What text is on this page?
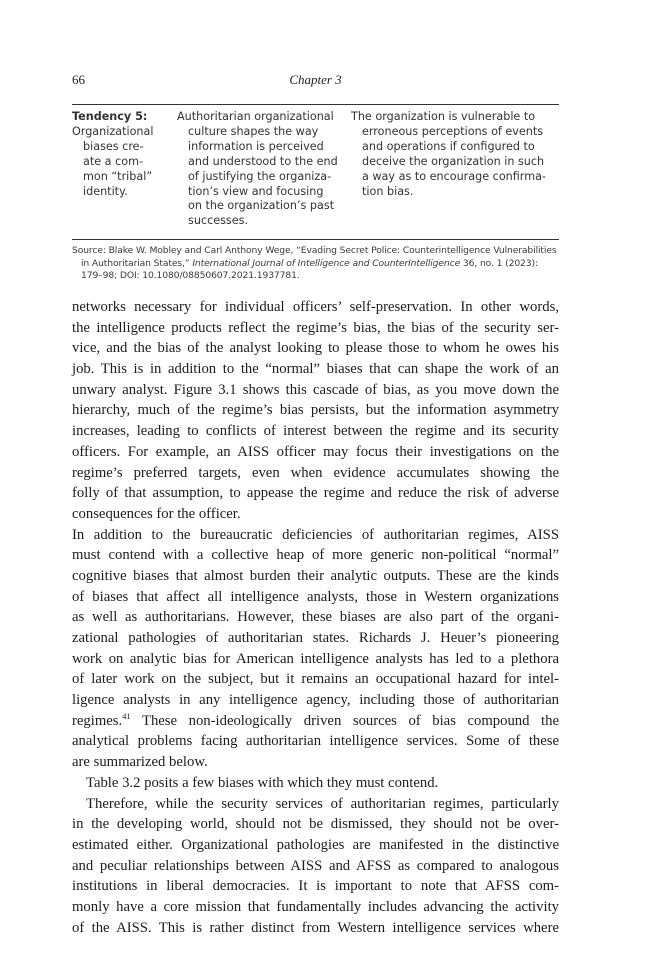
66	Chapter 3
Tendency 5:
Organizational
biases cre-
ate a com-
mon “tribal”
identity.
Authoritarian organizational
culture shapes the way
information is perceived
and understood to the end
of justifying the organiza-
tion’s view and focusing
on the organization’s past
successes.
The organization is vulnerable to
erroneous perceptions of events
and operations if configured to
deceive the organization in such
a way as to encourage confirma-
tion bias.
Source: Blake W. Mobley and Carl Anthony Wege, “Evading Secret Police: Counterintelligence Vulnerabilities
in Authoritarian States,” International Journal of Intelligence and CounterIntelligence 36, no. 1 (2023):
179–98; DOI: 10.1080/08850607.2021.1937781.
networks necessary for individual officers’ self-preservation. In other words,
the intelligence products reflect the regime’s bias, the bias of the security ser-
vice, and the bias of the analyst looking to please those to whom he owes his
job. This is in addition to the “normal” biases that can shape the work of an
unwary analyst. Figure 3.1 shows this cascade of bias, as you move down the
hierarchy, much of the regime’s bias persists, but the information asymmetry
increases, leading to conflicts of interest between the regime and its security
officers. For example, an AISS officer may focus their investigations on the
regime’s preferred targets, even when evidence accumulates showing the
folly of that assumption, to appease the regime and reduce the risk of adverse
consequences for the officer.
In addition to the bureaucratic deficiencies of authoritarian regimes, AISS
must contend with a collective heap of more generic non-political “normal”
cognitive biases that almost burden their analytic outputs. These are the kinds
of biases that affect all intelligence analysts, those in Western organizations
as well as authoritarians. However, these biases are also part of the organi-
zational pathologies of authoritarian states. Richards J. Heuer’s pioneering
work on analytic bias for American intelligence analysts has led to a plethora
of later work on the subject, but it remains an occupational hazard for intel-
ligence analysts in any intelligence agency, including those of authoritarian
regimes.$^{41}$ These non-ideologically driven sources of bias compound the
analytical problems facing authoritarian intelligence services. Some of these
are summarized below.
Table 3.2 posits a few biases with which they must contend.
Therefore, while the security services of authoritarian regimes, particularly
in the developing world, should not be dismissed, they should not be over-
estimated either. Organizational pathologies are manifested in the distinctive
and peculiar relationships between AISS and AFSS as compared to analogous
institutions in liberal democracies. It is important to note that AFSS com-
monly have a core mission that fundamentally includes advancing the activity
of the AISS. This is rather distinct from Western intelligence services where
